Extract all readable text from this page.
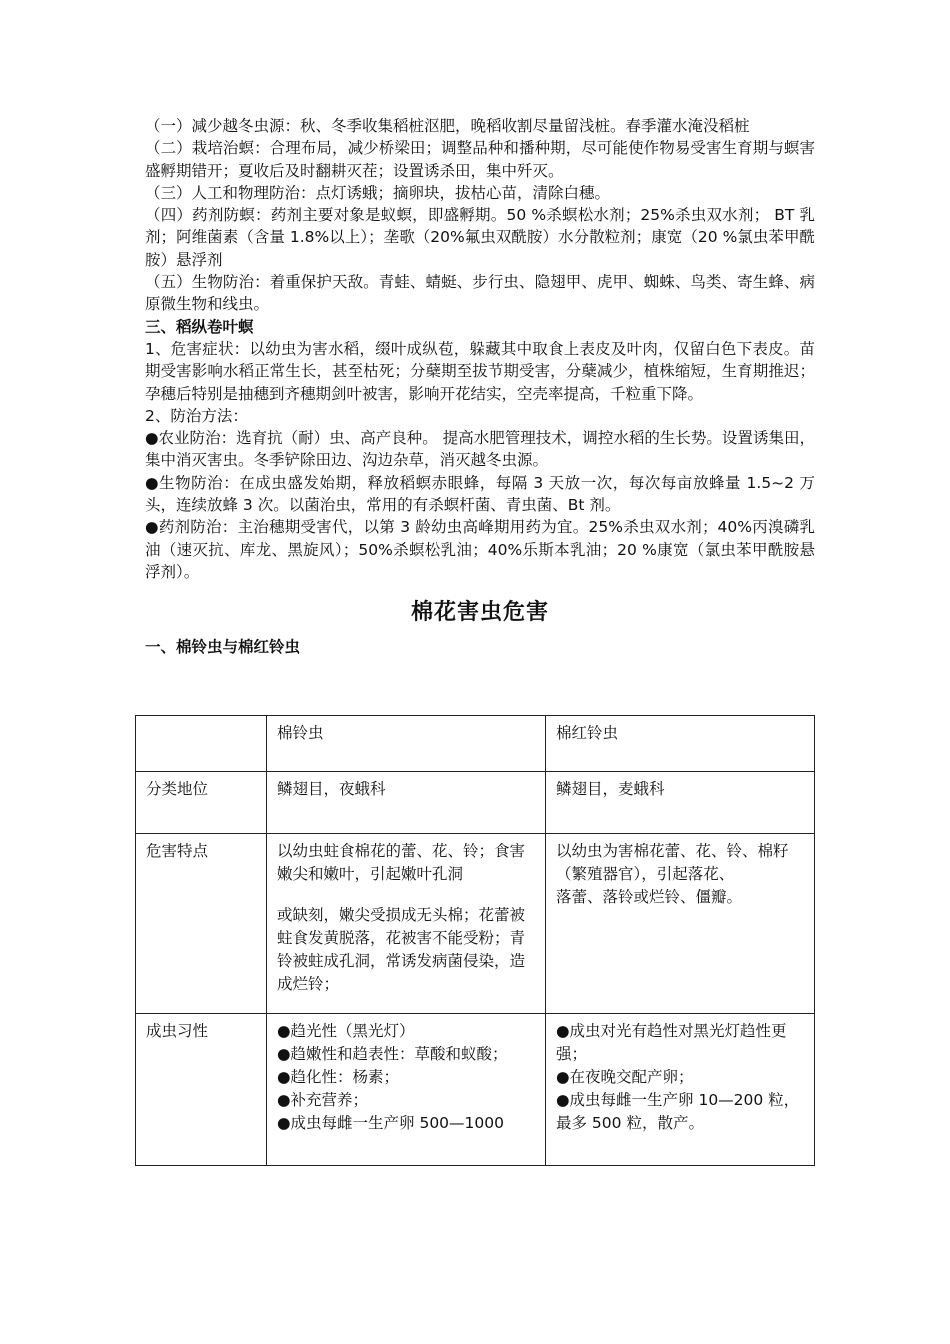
（一）减少越冬虫源：秋、冬季收集稻桩沤肥，晚稻收割尽量留浅桩。春季灌水淹没稻桩

（二）栽培治螟：合理布局，减少桥梁田；调整品种和播种期，尽可能使作物易受害生育期与螟害盛孵期错开；夏收后及时翻耕灭茬；设置诱杀田，集中歼灭。

（三）人工和物理防治：点灯诱蛾；摘卵块，拔枯心苗，清除白穗。

（四）药剂防螟：药剂主要对象是蚁螟，即盛孵期。50 %杀螟松水剂；25%杀虫双水剂； BT 乳剂；阿维菌素（含量 1.8%以上）；垄歌（20%氟虫双酰胺）水分散粒剂；康宽（20 %氯虫苯甲酰胺）悬浮剂

（五）生物防治：着重保护天敌。青蛙、蜻蜓、步行虫、隐翅甲、虎甲、蜘蛛、鸟类、寄生蜂、病原微生物和线虫。

三、稻纵卷叶螟

1、危害症状：以幼虫为害水稻，缀叶成纵苞，躲藏其中取食上表皮及叶肉，仅留白色下表皮。苗期受害影响水稻正常生长，甚至枯死；分蘖期至拔节期受害，分蘖减少，植株缩短，生育期推迟；孕穗后特别是抽穗到齐穗期剑叶被害，影响开花结实，空壳率提高，千粒重下降。

2、防治方法：

●农业防治：选育抗（耐）虫、高产良种。 提高水肥管理技术，调控水稻的生长势。设置诱集田，集中消灭害虫。冬季铲除田边、沟边杂草，消灭越冬虫源。

●生物防治：在成虫盛发始期，释放稻螟赤眼蜂，每隔 3 天放一次，每次每亩放蜂量 1.5~2 万头，连续放蜂 3 次。以菌治虫，常用的有杀螟杆菌、青虫菌、Bt 剂。

●药剂防治：主治穗期受害代，以第 3 龄幼虫高峰期用药为宜。25%杀虫双水剂；40%丙溴磷乳油（速灭抗、库龙、黑旋风）；50%杀螟松乳油；40%乐斯本乳油；20 %康宽（氯虫苯甲酰胺悬浮剂）。

棉花害虫危害

一、棉铃虫与棉红铃虫

	棉铃虫	棉红铃虫
分类地位	鳞翅目，夜蛾科	鳞翅目，麦蛾科
危害特点	以幼虫蛀食棉花的蕾、花、铃；食害嫩尖和嫩叶，引起嫩叶孔洞
或缺刻，嫩尖受损成无头棉；花蕾被蛀食发黄脱落，花被害不能受粉；青铃被蛀成孔洞，常诱发病菌侵染，造成烂铃；	以幼虫为害棉花蕾、花、铃、棉籽（繁殖器官），引起落花、
落蕾、落铃或烂铃、僵瓣。

成虫习性	●趋光性（黑光灯）
●趋嫩性和趋表性：草酸和蚁酸；
●趋化性：杨素；
●补充营养；
●成虫每雌一生产卵 500—1000	●成虫对光有趋性对黑光灯趋性更强；
●在夜晚交配产卵；
●成虫每雌一生产卵 10—200 粒，最多 500 粒，散产。
